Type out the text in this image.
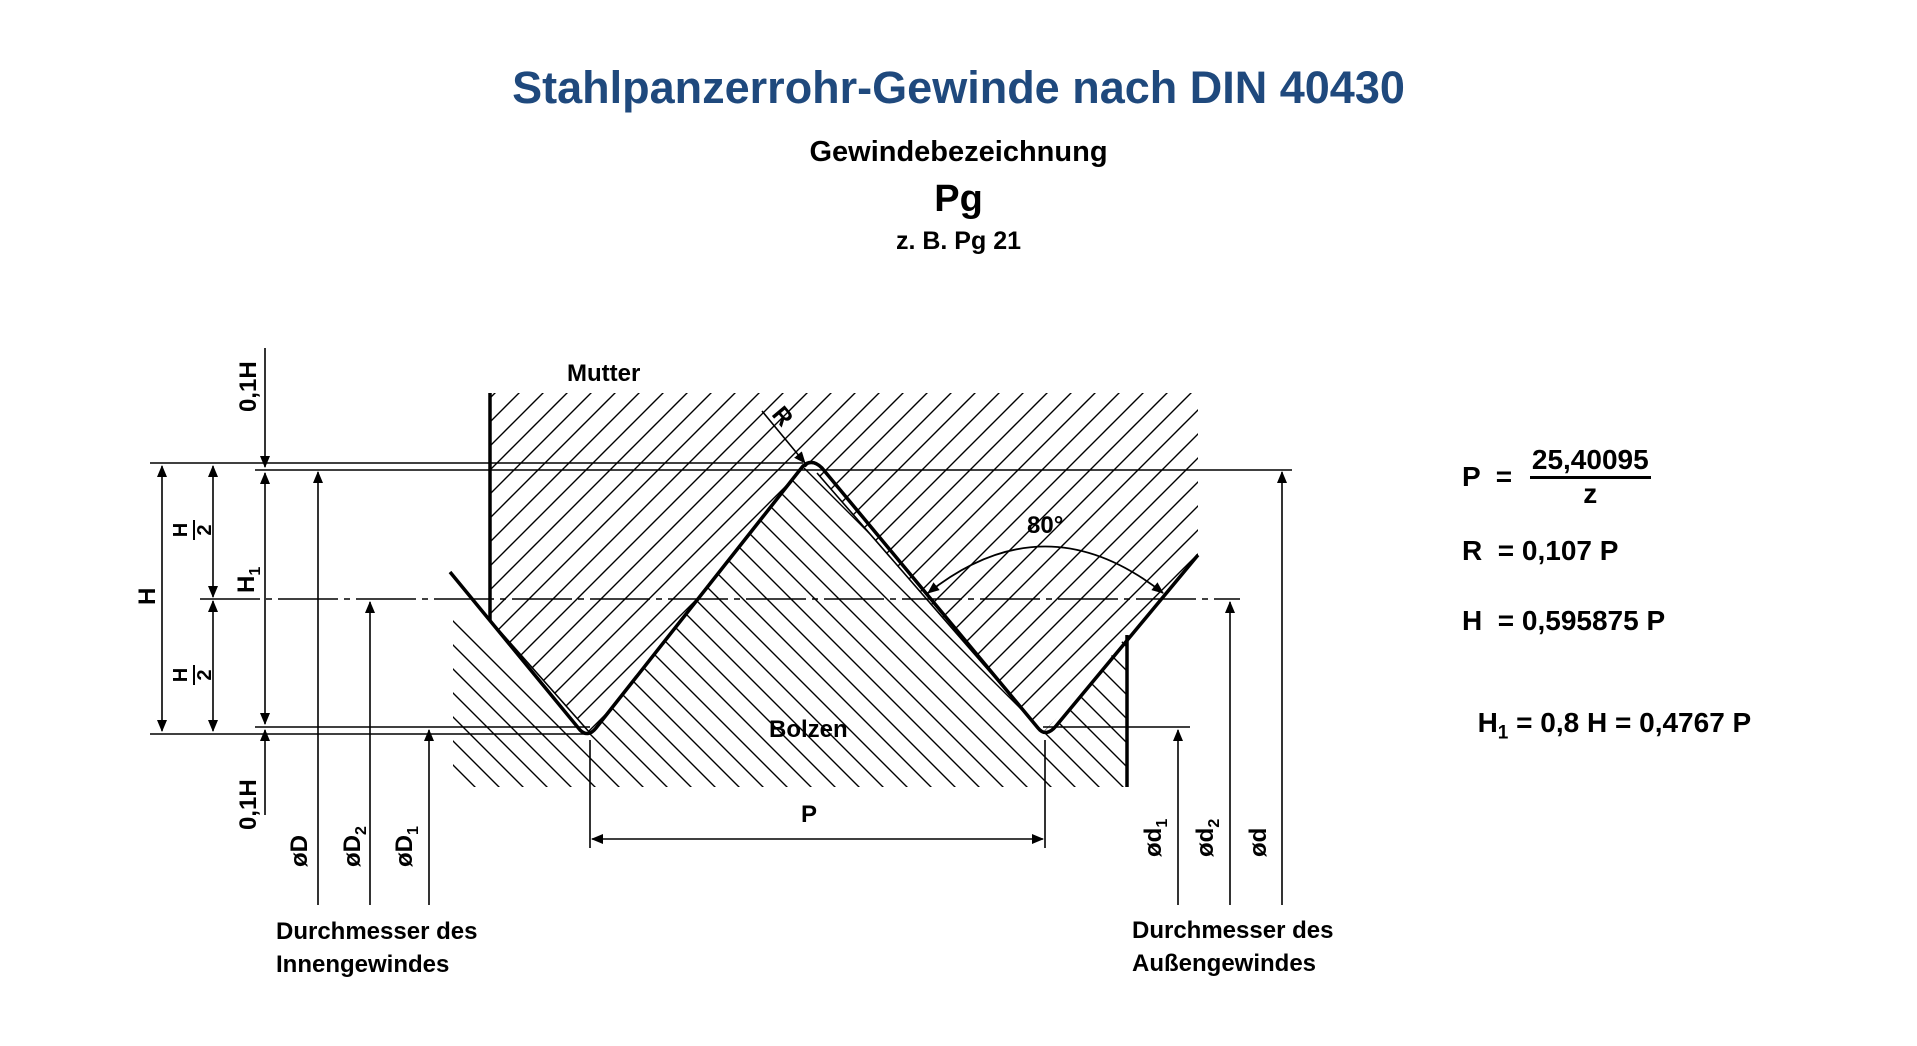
Stahlpanzerrohr-Gewinde nach DIN 40430
Gewindebezeichnung
Pg
z. B. Pg 21
Mutter
Bolzen
R
80°
P
0,1H
0,1H
H
H 2
H 2
$H_1$
øD $øD_2$
$øD_1$	$ød_1$
$ød_2$
ød
Durchmesser des
Innengewindes
Durchmesser des
Außengewindes
$P = \frac{25,40095}{z}$
R  = 0,107 P
H  = 0,595875 P

$H_1 = 0,8$ H = 0,4767 P
